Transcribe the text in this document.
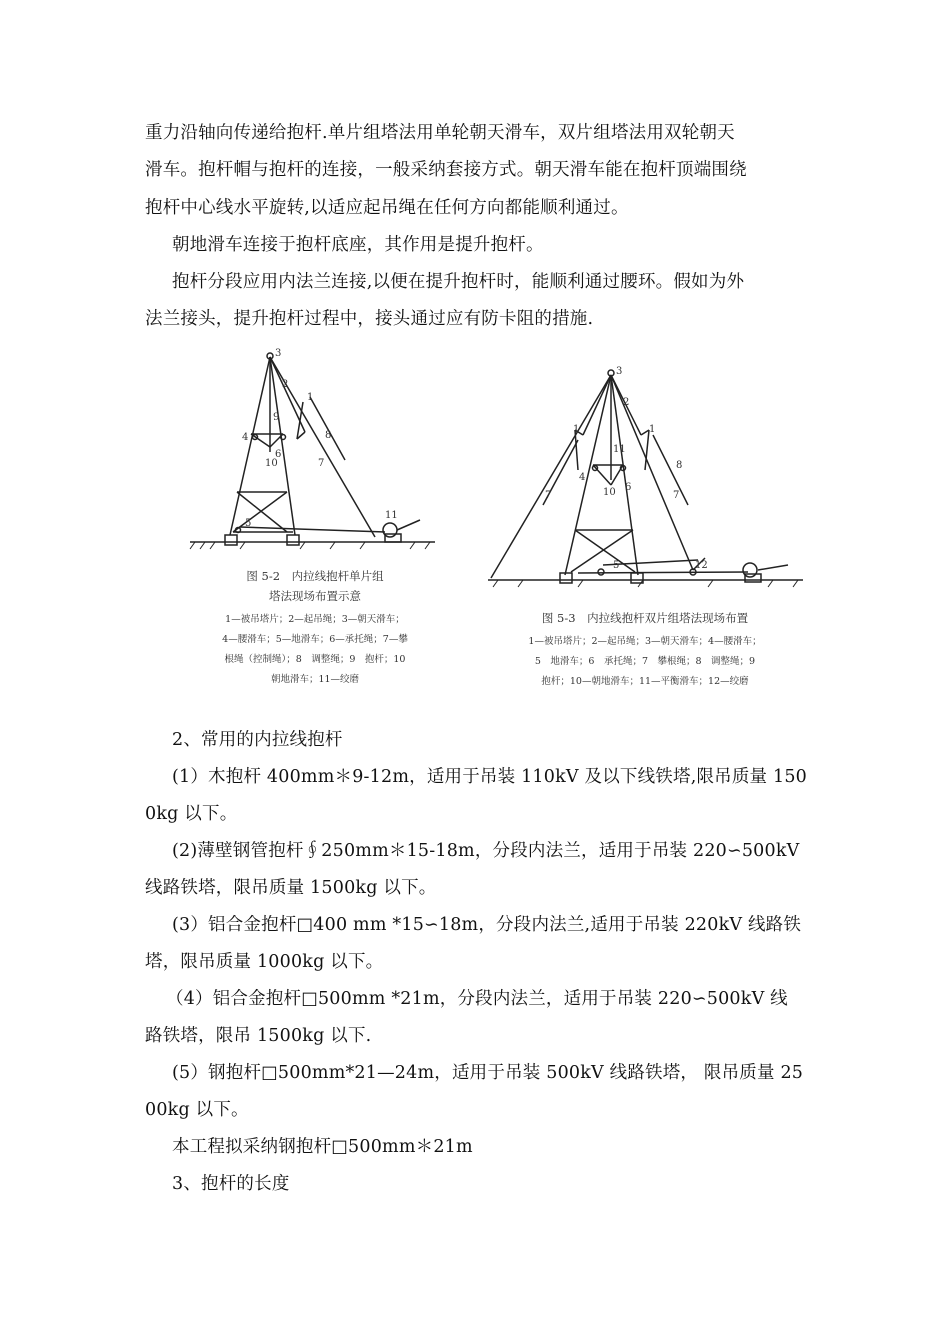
重力沿轴向传递给抱杆.单片组塔法用单轮朝天滑车，双片组塔法用双轮朝天
滑车。抱杆帽与抱杆的连接，一般采纳套接方式。朝天滑车能在抱杆顶端围绕
抱杆中心线水平旋转,以适应起吊绳在任何方向都能顺利通过。
朝地滑车连接于抱杆底座，其作用是提升抱杆。
抱杆分段应用内法兰连接,以便在提升抱杆时，能顺利通过腰环。假如为外
法兰接头，提升抱杆过程中，接头通过应有防卡阻的措施.
3
2
1
4
9
6
10
8
7
5
11
图 5-2　内拉线抱杆单片组
塔法现场布置示意
1—被吊塔片；2—起吊绳；3—朝天滑车；
4—腰滑车；5—地滑车；6—承托绳；7—攀
根绳（控制绳）；8　调整绳；9　抱杆；10
朝地滑车；11—绞磨
3
2
1	1
11
4
10 6
8
7
7
5	12
图 5-3　内拉线抱杆双片组塔法现场布置
1—被吊塔片；2—起吊绳；3—朝天滑车；4—腰滑车；
5　地滑车；6　承托绳；7　攀根绳；8　调整绳；9
抱杆；10—朝地滑车；11—平衡滑车；12—绞磨
2、常用的内拉线抱杆
(1）木抱杆 400mm＊9-12m，适用于吊装 110kV 及以下线铁塔,限吊质量 150
0kg 以下。
(2)薄壁钢管抱杆∮250mm＊15-18m，分段内法兰，适用于吊装 220∽500kV
线路铁塔，限吊质量 1500kg 以下。
(3）铝合金抱杆□400 mm *15∽18m，分段内法兰,适用于吊装 220kV 线路铁
塔，限吊质量 1000kg 以下。
（4）铝合金抱杆□500mm *21m，分段内法兰，适用于吊装 220∽500kV 线
路铁塔，限吊 1500kg 以下.
(5）钢抱杆□500mm*21—24m，适用于吊装 500kV 线路铁塔， 限吊质量 25
00kg 以下。
本工程拟采纳钢抱杆□500mm＊21m
3、抱杆的长度
